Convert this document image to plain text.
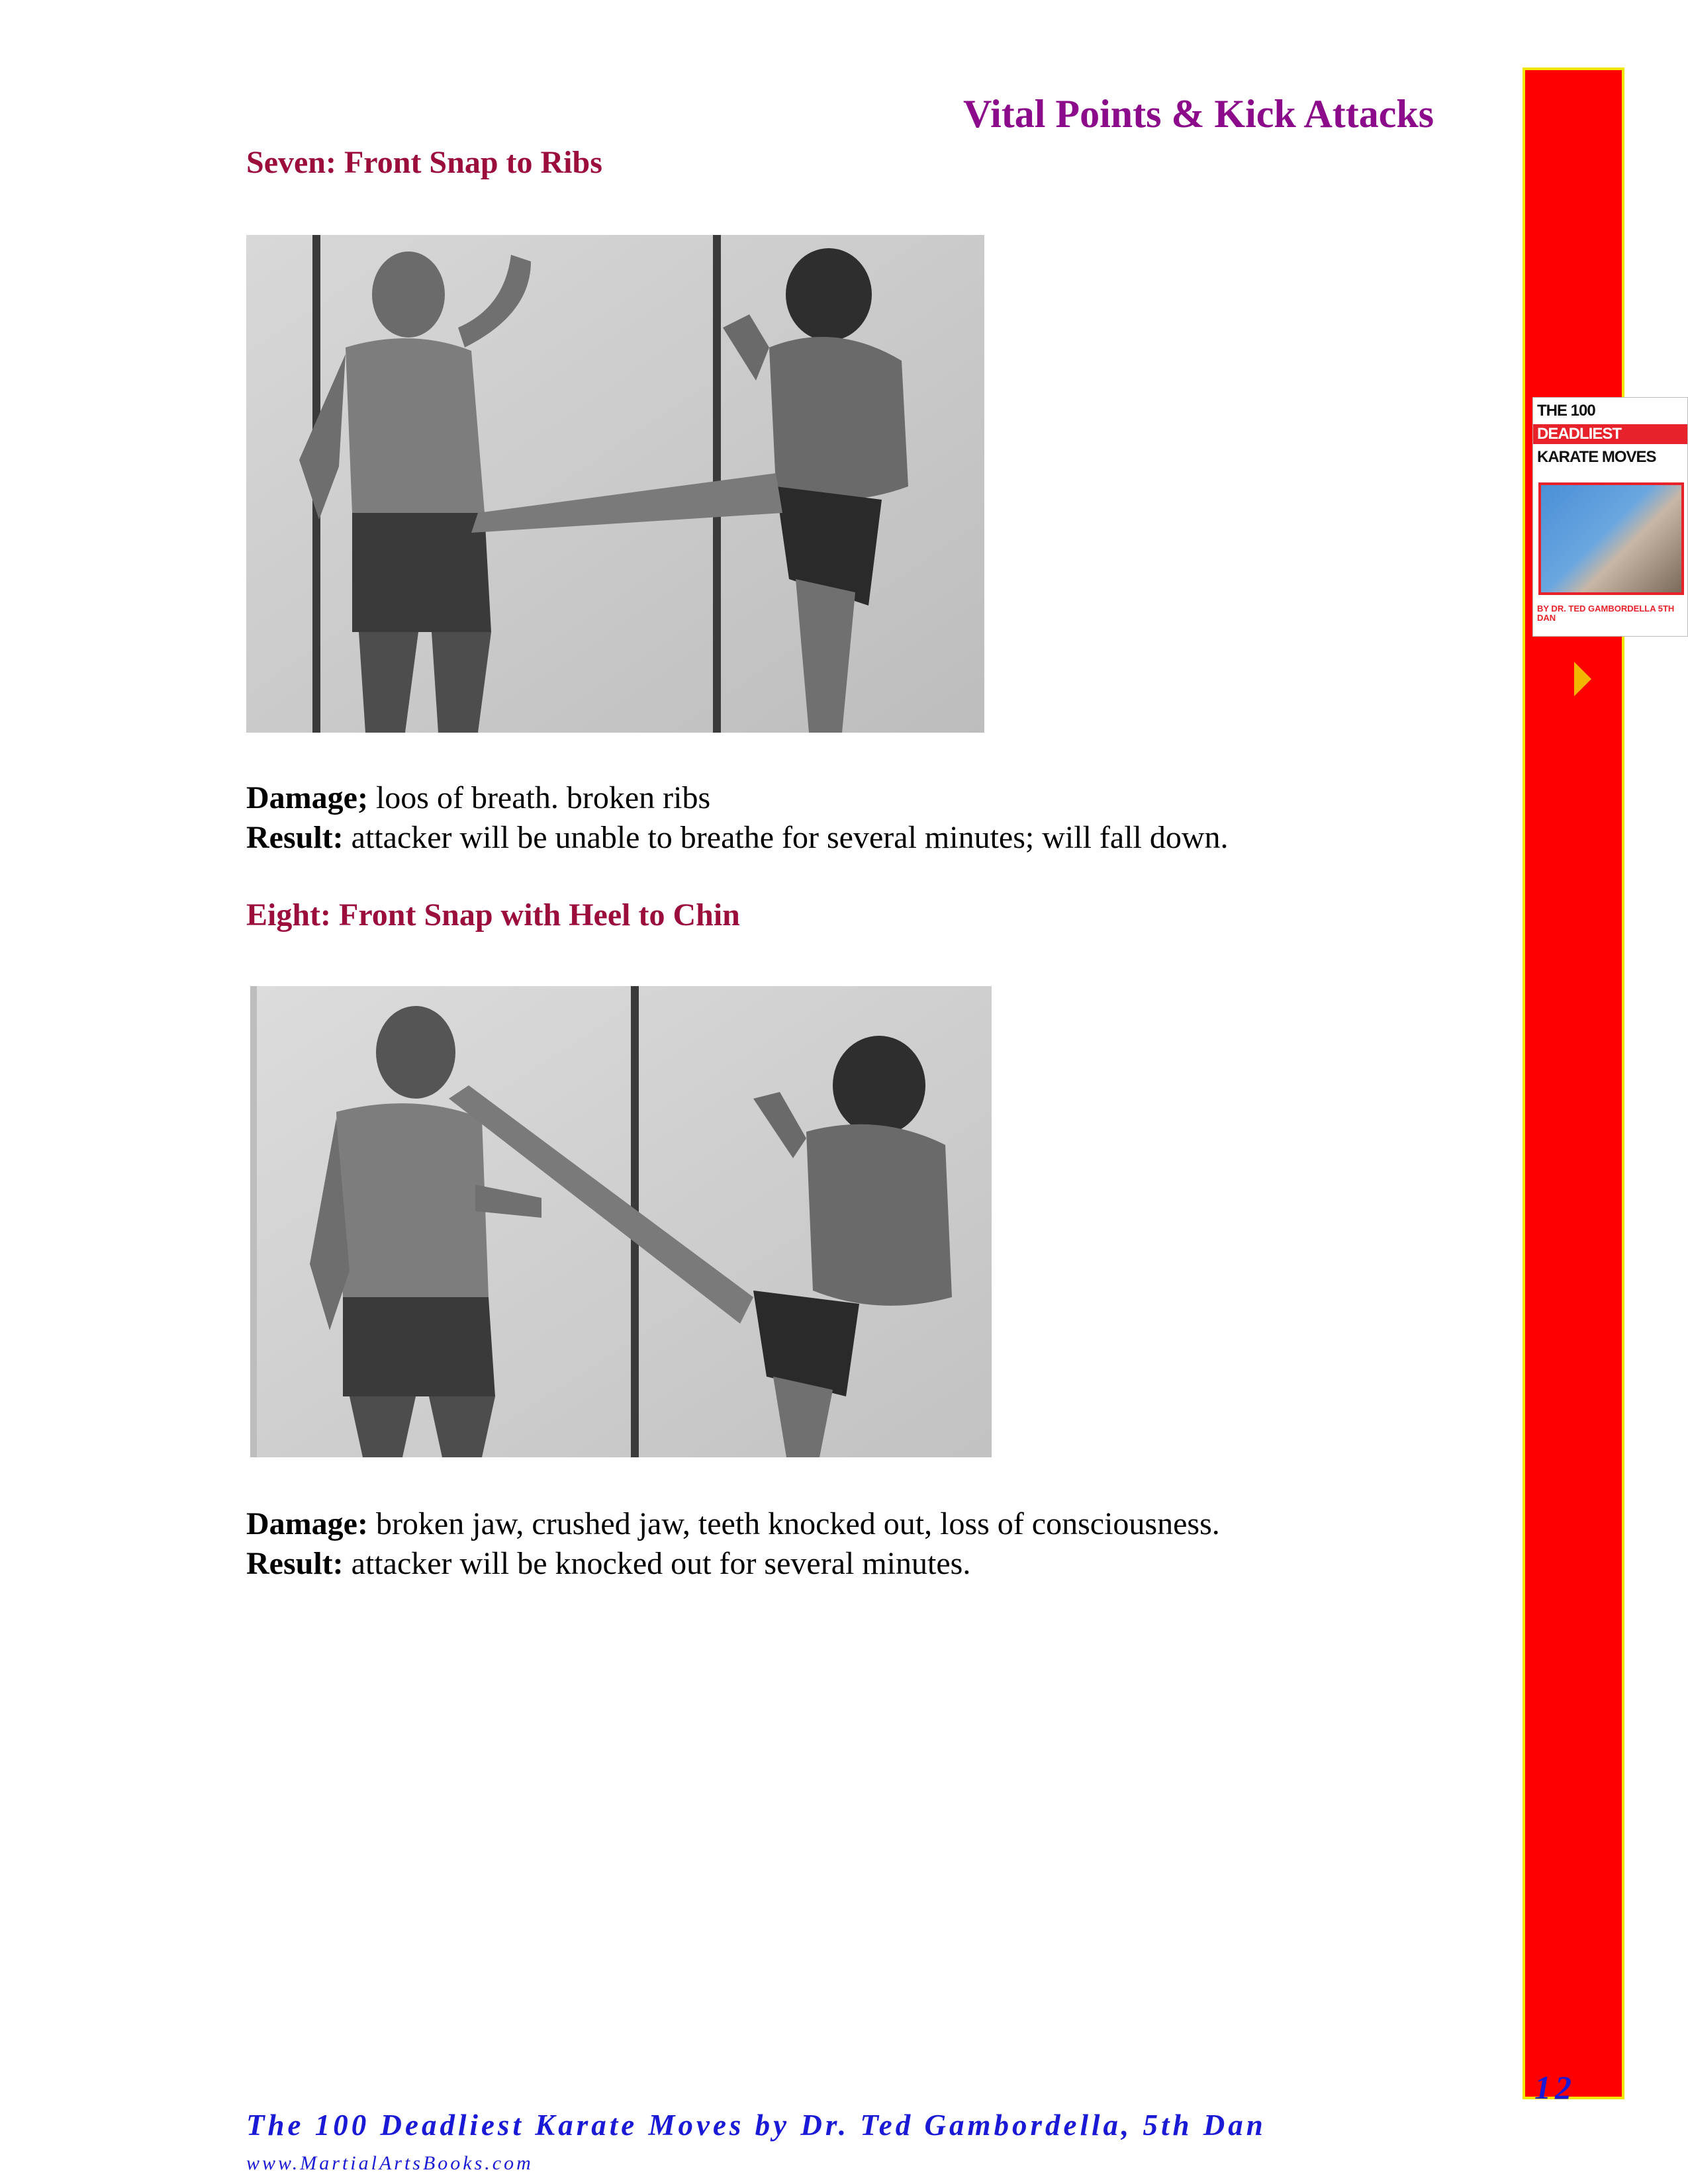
Vital Points & Kick Attacks
Seven: Front Snap to Ribs
Damage; loos of breath. broken ribs
Result: attacker will be unable to breathe for several minutes; will fall down.
Eight: Front Snap with Heel to Chin
Damage: broken jaw, crushed jaw, teeth knocked out, loss of consciousness.
Result: attacker will be knocked out for several minutes.
THE 100
DEADLIEST
KARATE MOVES
BY DR. TED GAMBORDELLA 5TH DAN
12
The 100 Deadliest Karate Moves by Dr. Ted Gambordella, 5th Dan
www.MartialArtsBooks.com
